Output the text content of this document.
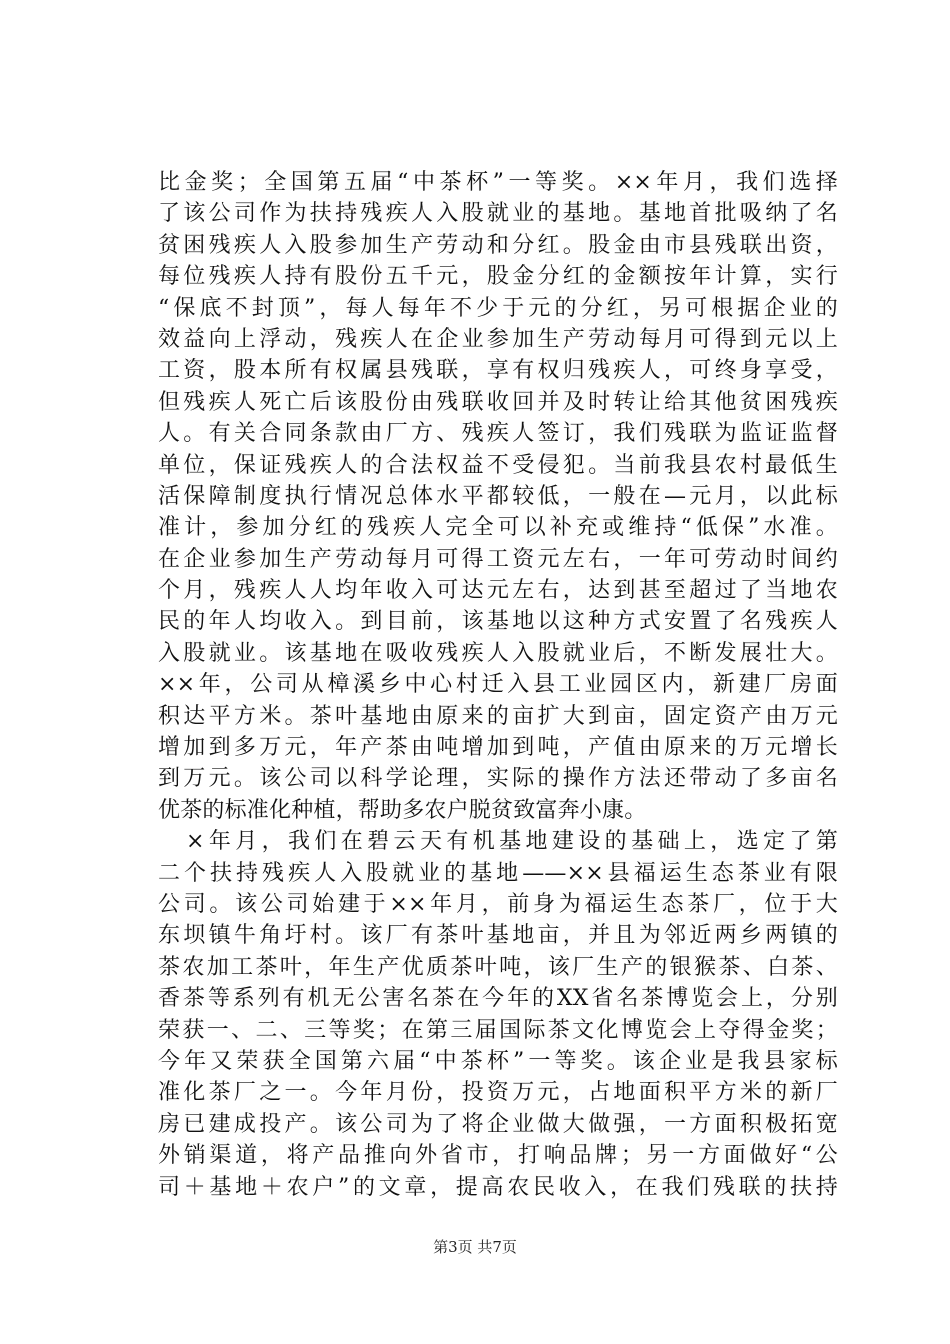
比金奖；全国第五届“中茶杯”一等奖。××年月，我们选择
了该公司作为扶持残疾人入股就业的基地。基地首批吸纳了名
贫困残疾人入股参加生产劳动和分红。股金由市县残联出资，
每位残疾人持有股份五千元，股金分红的金额按年计算，实行
“保底不封顶”，每人每年不少于元的分红，另可根据企业的
效益向上浮动，残疾人在企业参加生产劳动每月可得到元以上
工资，股本所有权属县残联，享有权归残疾人，可终身享受，
但残疾人死亡后该股份由残联收回并及时转让给其他贫困残疾
人。有关合同条款由厂方、残疾人签订，我们残联为监证监督
单位，保证残疾人的合法权益不受侵犯。当前我县农村最低生
活保障制度执行情况总体水平都较低，一般在—元月，以此标
准计，参加分红的残疾人完全可以补充或维持“低保”水准。
在企业参加生产劳动每月可得工资元左右，一年可劳动时间约
个月，残疾人人均年收入可达元左右，达到甚至超过了当地农
民的年人均收入。到目前，该基地以这种方式安置了名残疾人
入股就业。该基地在吸收残疾人入股就业后，不断发展壮大。
××年，公司从樟溪乡中心村迁入县工业园区内，新建厂房面
积达平方米。茶叶基地由原来的亩扩大到亩，固定资产由万元
增加到多万元，年产茶由吨增加到吨，产值由原来的万元增长
到万元。该公司以科学论理，实际的操作方法还带动了多亩名
优茶的标准化种植，帮助多农户脱贫致富奔小康。
×年月，我们在碧云天有机基地建设的基础上，选定了第
二个扶持残疾人入股就业的基地——××县福运生态茶业有限
公司。该公司始建于××年月，前身为福运生态茶厂，位于大
东坝镇牛角圩村。该厂有茶叶基地亩，并且为邻近两乡两镇的
茶农加工茶叶，年生产优质茶叶吨，该厂生产的银猴茶、白茶、
香茶等系列有机无公害名茶在今年的XX省名茶博览会上，分别
荣获一、二、三等奖；在第三届国际茶文化博览会上夺得金奖；
今年又荣获全国第六届“中茶杯”一等奖。该企业是我县家标
准化茶厂之一。今年月份，投资万元，占地面积平方米的新厂
房已建成投产。该公司为了将企业做大做强，一方面积极拓宽
外销渠道，将产品推向外省市，打响品牌；另一方面做好“公
司＋基地＋农户”的文章，提高农民收入，在我们残联的扶持
第3页 共7页
